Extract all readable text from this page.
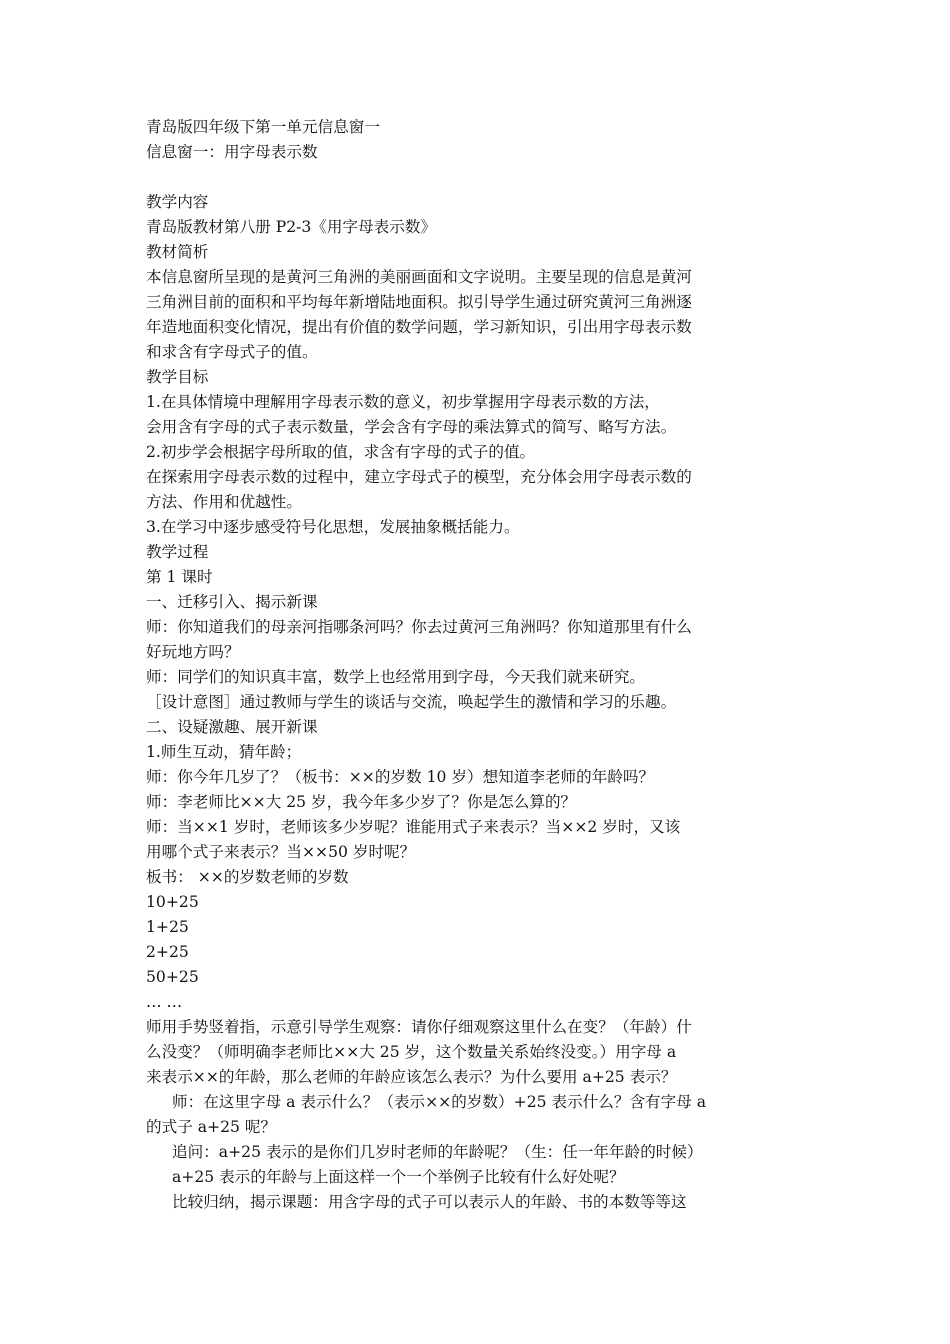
青岛版四年级下第一单元信息窗一
信息窗一：用字母表示数
教学内容
青岛版教材第八册 P2-3《用字母表示数》
教材简析
本信息窗所呈现的是黄河三角洲的美丽画面和文字说明。主要呈现的信息是黄河
三角洲目前的面积和平均每年新增陆地面积。拟引导学生通过研究黄河三角洲逐
年造地面积变化情况，提出有价值的数学问题，学习新知识，引出用字母表示数
和求含有字母式子的值。
教学目标
1.在具体情境中理解用字母表示数的意义，初步掌握用字母表示数的方法，
会用含有字母的式子表示数量，学会含有字母的乘法算式的简写、略写方法。
2.初步学会根据字母所取的值，求含有字母的式子的值。
在探索用字母表示数的过程中，建立字母式子的模型，充分体会用字母表示数的
方法、作用和优越性。
3.在学习中逐步感受符号化思想，发展抽象概括能力。
教学过程
第 1 课时
一、迁移引入、揭示新课
师：你知道我们的母亲河指哪条河吗？你去过黄河三角洲吗？你知道那里有什么
好玩地方吗？
师：同学们的知识真丰富，数学上也经常用到字母，今天我们就来研究。
［设计意图］通过教师与学生的谈话与交流，唤起学生的激情和学习的乐趣。
二、设疑激趣、展开新课
1.师生互动，猜年龄；
师：你今年几岁了？（板书：××的岁数 10 岁）想知道李老师的年龄吗？
师：李老师比××大 25 岁，我今年多少岁了？你是怎么算的？
师：当××1 岁时，老师该多少岁呢？谁能用式子来表示？当××2 岁时，又该
用哪个式子来表示？当××50 岁时呢？
板书： ××的岁数老师的岁数
10+25
1+25
2+25
50+25
… …
师用手势竖着指，示意引导学生观察：请你仔细观察这里什么在变？（年龄）什
么没变？（师明确李老师比××大 25 岁，这个数量关系始终没变。）用字母 a
来表示××的年龄，那么老师的年龄应该怎么表示？为什么要用 a+25 表示？
师：在这里字母 a 表示什么？（表示××的岁数）+25 表示什么？含有字母 a
的式子 a+25 呢？
追问：a+25 表示的是你们几岁时老师的年龄呢？（生：任一年年龄的时候）
a+25 表示的年龄与上面这样一个一个举例子比较有什么好处呢？
比较归纳，揭示课题：用含字母的式子可以表示人的年龄、书的本数等等这
